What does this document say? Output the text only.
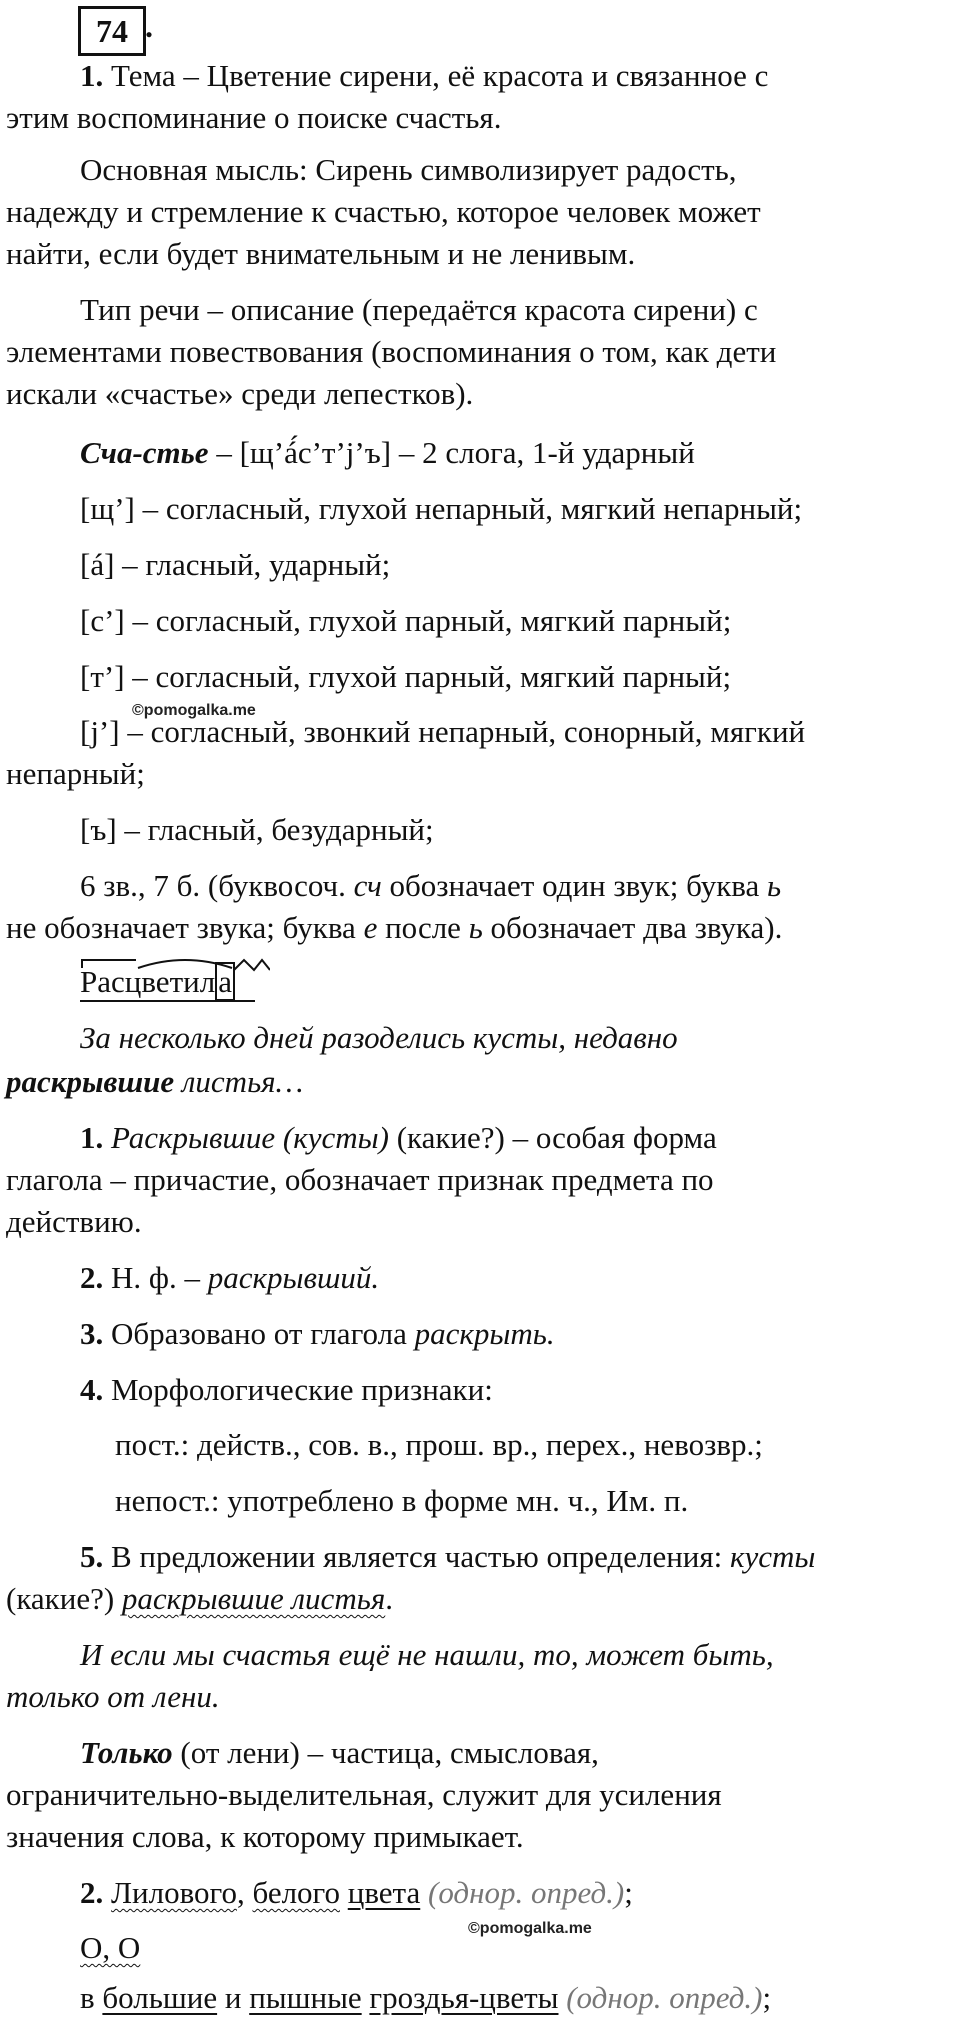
74 .
1. Тема – Цветение сирени, её красота и связанное с
этим воспоминание о поиске счастья.
Основная мысль: Сирень символизирует радость,
надежду и стремление к счастью, которое человек может
найти, если будет внимательным и не ленивым.
Тип речи – описание (передаётся красота сирени) с
элементами повествования (воспоминания о том, как дети
искали «счастье» среди лепестков).
Сча-стье – [щ’á́с’т’j’ъ] – 2 слога, 1-й ударный
[щ’] – согласный, глухой непарный, мягкий непарный;
[á] – гласный, ударный;
[с’] – согласный, глухой парный, мягкий парный;
[т’] – согласный, глухой парный, мягкий парный;
©pomogalka.me
[j’] – согласный, звонкий непарный, сонорный, мягкий
непарный;
[ъ] – гласный, безударный;
6 зв., 7 б. (буквосоч. сч обозначает один звук; буква ь
не обозначает звука; буква е после ь обозначает два звука).
Расцветила
За несколько дней разоделись кусты, недавно
раскрывшие листья…
1. Раскрывшие (кусты) (какие?) – особая форма
глагола – причастие, обозначает признак предмета по
действию.
2. Н. ф. – раскрывший.
3. Образовано от глагола раскрыть.
4. Морфологические признаки:
пост.: действ., сов. в., прош. вр., перех., невозвр.;
непост.: употреблено в форме мн. ч., Им. п.
5. В предложении является частью определения: кусты
(какие?) раскрывшие листья.
И если мы счастья ещё не нашли, то, может быть,
только от лени.
Только (от лени) – частица, смысловая,
ограничительно-выделительная, служит для усиления
значения слова, к которому примыкает.
2. Лилового, белого цвета (однор. опред.);
О, О
©pomogalka.me
в большие и пышные гроздья-цветы (однор. опред.);
